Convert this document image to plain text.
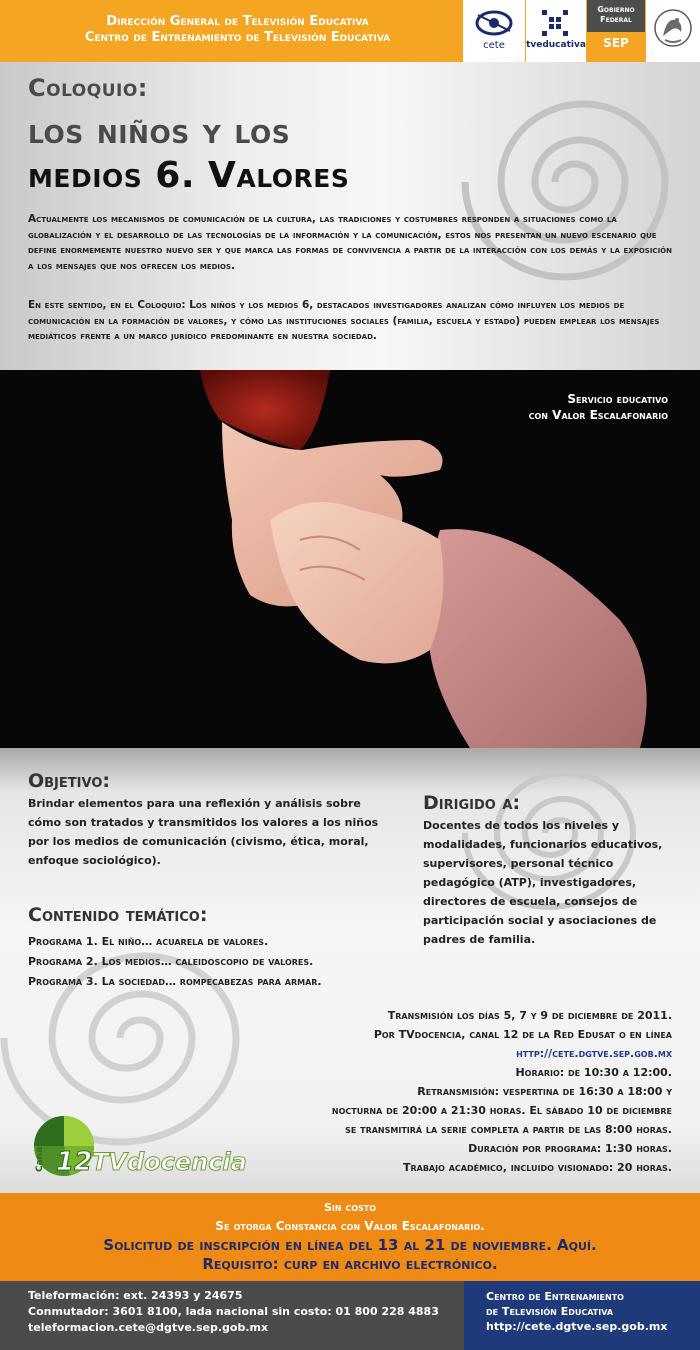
Dirección General de Televisión Educativa
Centro de Entrenamiento de Televisión Educativa
cete	tveducativa
Gobierno
Federal
SEP
Coloquio:
los niños y los
medios 6. Valores

Actualmente los mecanismos de comunicación de la cultura, las tradiciones y costumbres responden a situaciones como la globalización y el desarrollo de las tecnologías de la información y la comunicación, estos nos presentan un nuevo escenario que define enormemente nuestro nuevo ser y que marca las formas de convivencia a partir de la interacción con los demás y la exposición a los mensajes que nos ofrecen los medios.

En este sentido, en el Coloquio: Los niños y los medios 6, destacados investigadores analizan cómo influyen los medios de comunicación en la formación de valores, y cómo las instituciones sociales (familia, escuela y estado) pueden emplear los mensajes mediáticos frente a un marco jurídico predominante en nuestra sociedad.

Servicio educativo
con Valor Escalafonario
Objetivo:

Brindar elementos para una reflexión y análisis sobre cómo son tratados y transmitidos los valores a los niños por los medios de comunicación (civismo, ética, moral, enfoque sociológico).

Dirigido a:

Docentes de todos los niveles y modalidades, funcionarios educativos, supervisores, personal técnico pedagógico (ATP), investigadores, directores de escuela, consejos de participación social y asociaciones de padres de familia.

Contenido temático:
Programa 1. El niño… acuarela de valores.
Programa 2. Los medios… caleidoscopio de valores.
Programa 3. La sociedad… rompecabezas para armar.
Transmisión los días 5, 7 y 9 de diciembre de 2011.
Por TVdocencia, canal 12 de la Red Edusat o en línea
http://cete.dgtve.sep.gob.mx
Horario: de 10:30 a 12:00.
Retransmisión: vespertina de 16:30 a 18:00 y
nocturna de 20:00 a 21:30 horas. El sábado 10 de diciembre
se transmitirá la serie completa a partir de las 8:00 horas.
Duración por programa: 1:30 horas.
Trabajo académico, incluido visionado: 20 horas.
Canal 12 TVdocencia
Sin costo
Se otorga Constancia con Valor Escalafonario.
Solicitud de inscripción en línea del 13 al 21 de noviembre. Aquí.
Requisito: curp en archivo electrónico.
Teleformación: ext. 24393 y 24675
Conmutador: 3601 8100, lada nacional sin costo: 01 800 228 4883
teleformacion.cete@dgtve.sep.gob.mx
Centro de Entrenamiento
de Televisión Educativa
http://cete.dgtve.sep.gob.mx
